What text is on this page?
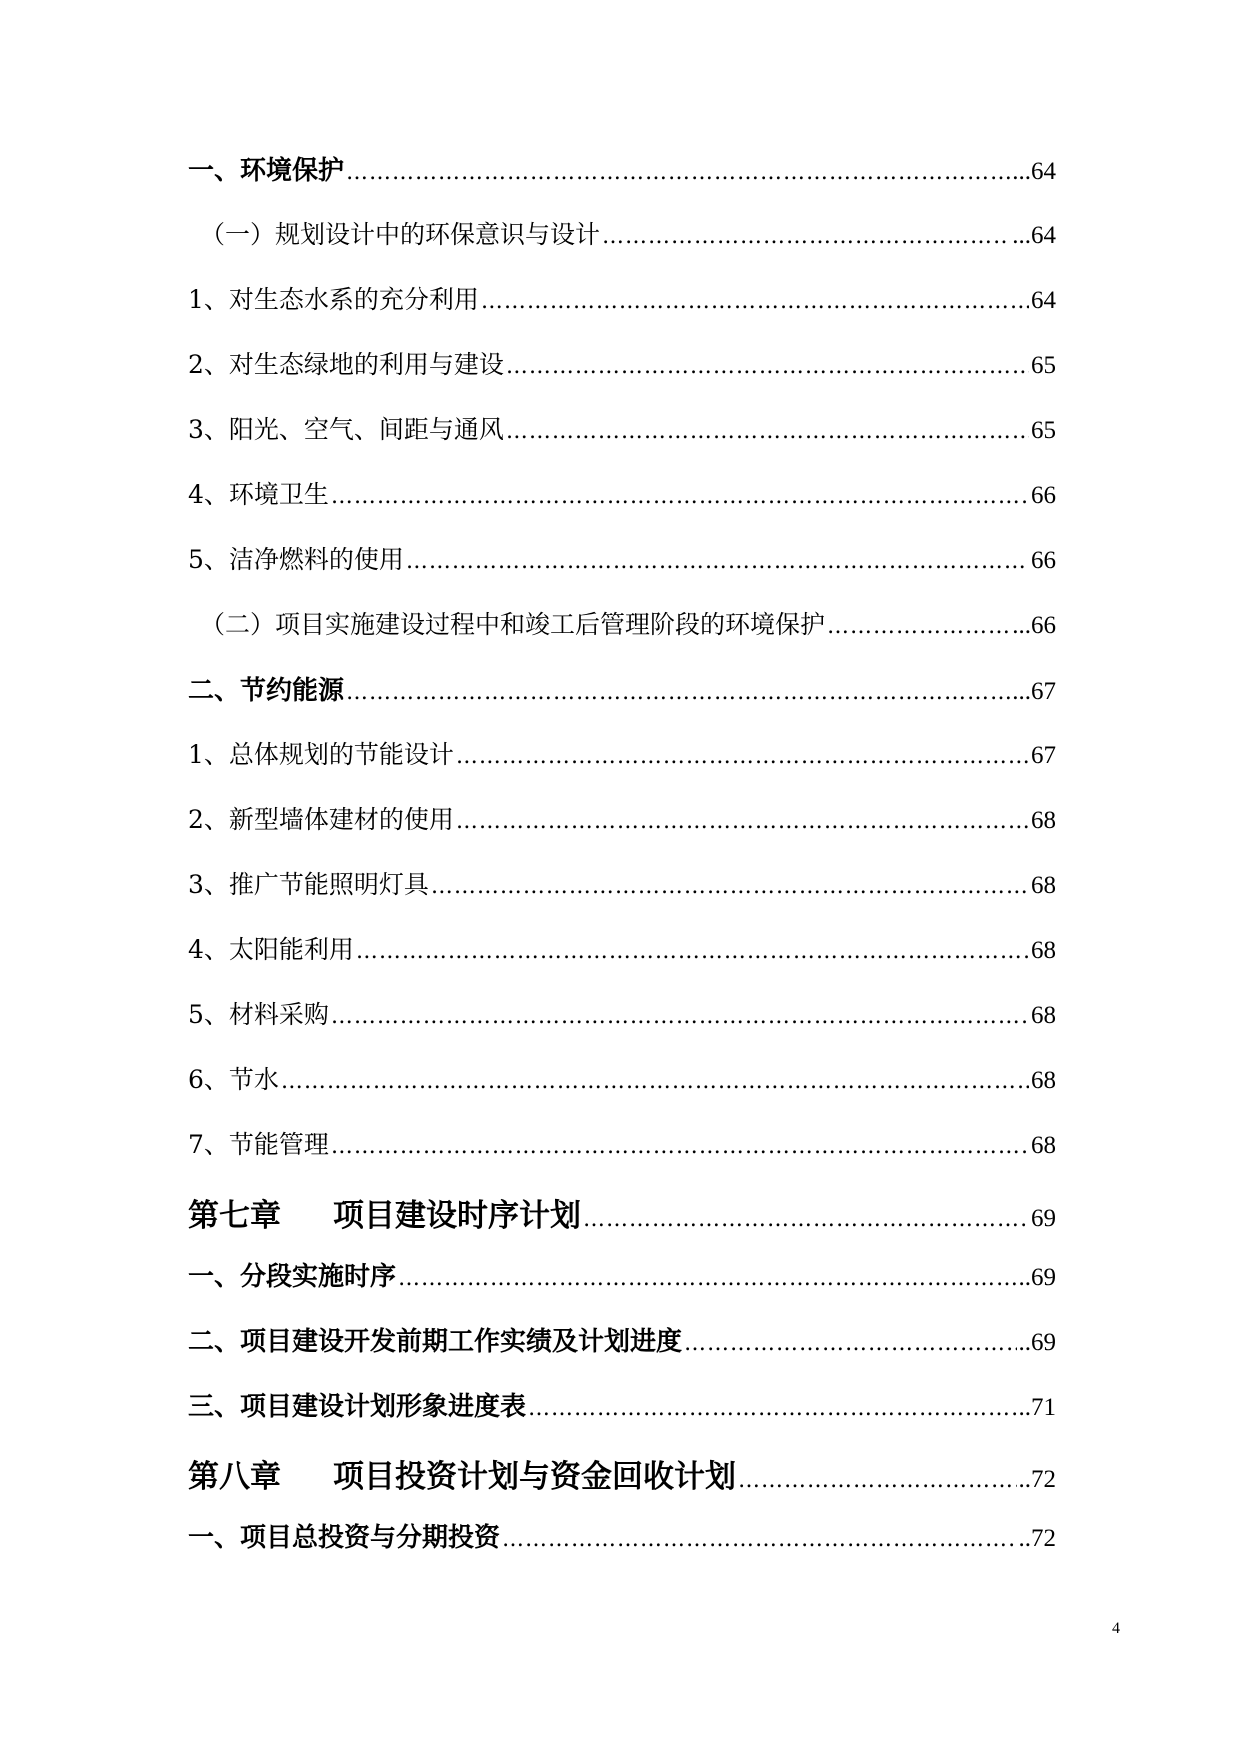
一、环境保护 ……………………………………………………………………………………………………………………………………………………	...64
（一）规划设计中的环保意识与设计 ……………………………………………………………………………………………………………………………………………………	...64
1、对生态水系的充分利用 ……………………………………………………………………………………………………………………………………………………	64
2、对生态绿地的利用与建设 ……………………………………………………………………………………………………………………………………………………	65
3、阳光、空气、间距与通风 ……………………………………………………………………………………………………………………………………………………	65
4、环境卫生 ……………………………………………………………………………………………………………………………………………………	66
5、洁净燃料的使用 ……………………………………………………………………………………………………………………………………………………	66
（二）项目实施建设过程中和竣工后管理阶段的环境保护 ……………………………………………………………………………………………………………………………………………………	...66
二、节约能源 ……………………………………………………………………………………………………………………………………………………	...67
1、总体规划的节能设计 ……………………………………………………………………………………………………………………………………………………	67
2、新型墙体建材的使用 ……………………………………………………………………………………………………………………………………………………	68
3、推广节能照明灯具 ……………………………………………………………………………………………………………………………………………………	68
4、太阳能利用 ……………………………………………………………………………………………………………………………………………………	68
5、材料采购 ……………………………………………………………………………………………………………………………………………………	68
6、节水 ……………………………………………………………………………………………………………………………………………………	68
7、节能管理 ……………………………………………………………………………………………………………………………………………………	68
第七章 项目建设时序计划 ……………………………………………………………………………………………………………………………………………………	69
一、分段实施时序 ……………………………………………………………………………………………………………………………………………………	..69
二、项目建设开发前期工作实绩及计划进度 ……………………………………………………………………………………………………………………………………………………	..69
三、项目建设计划形象进度表 ……………………………………………………………………………………………………………………………………………………	..71
第八章 项目投资计划与资金回收计划 ……………………………………………………………………………………………………………………………………………………	..72
一、项目总投资与分期投资 ……………………………………………………………………………………………………………………………………………………	..72
4
